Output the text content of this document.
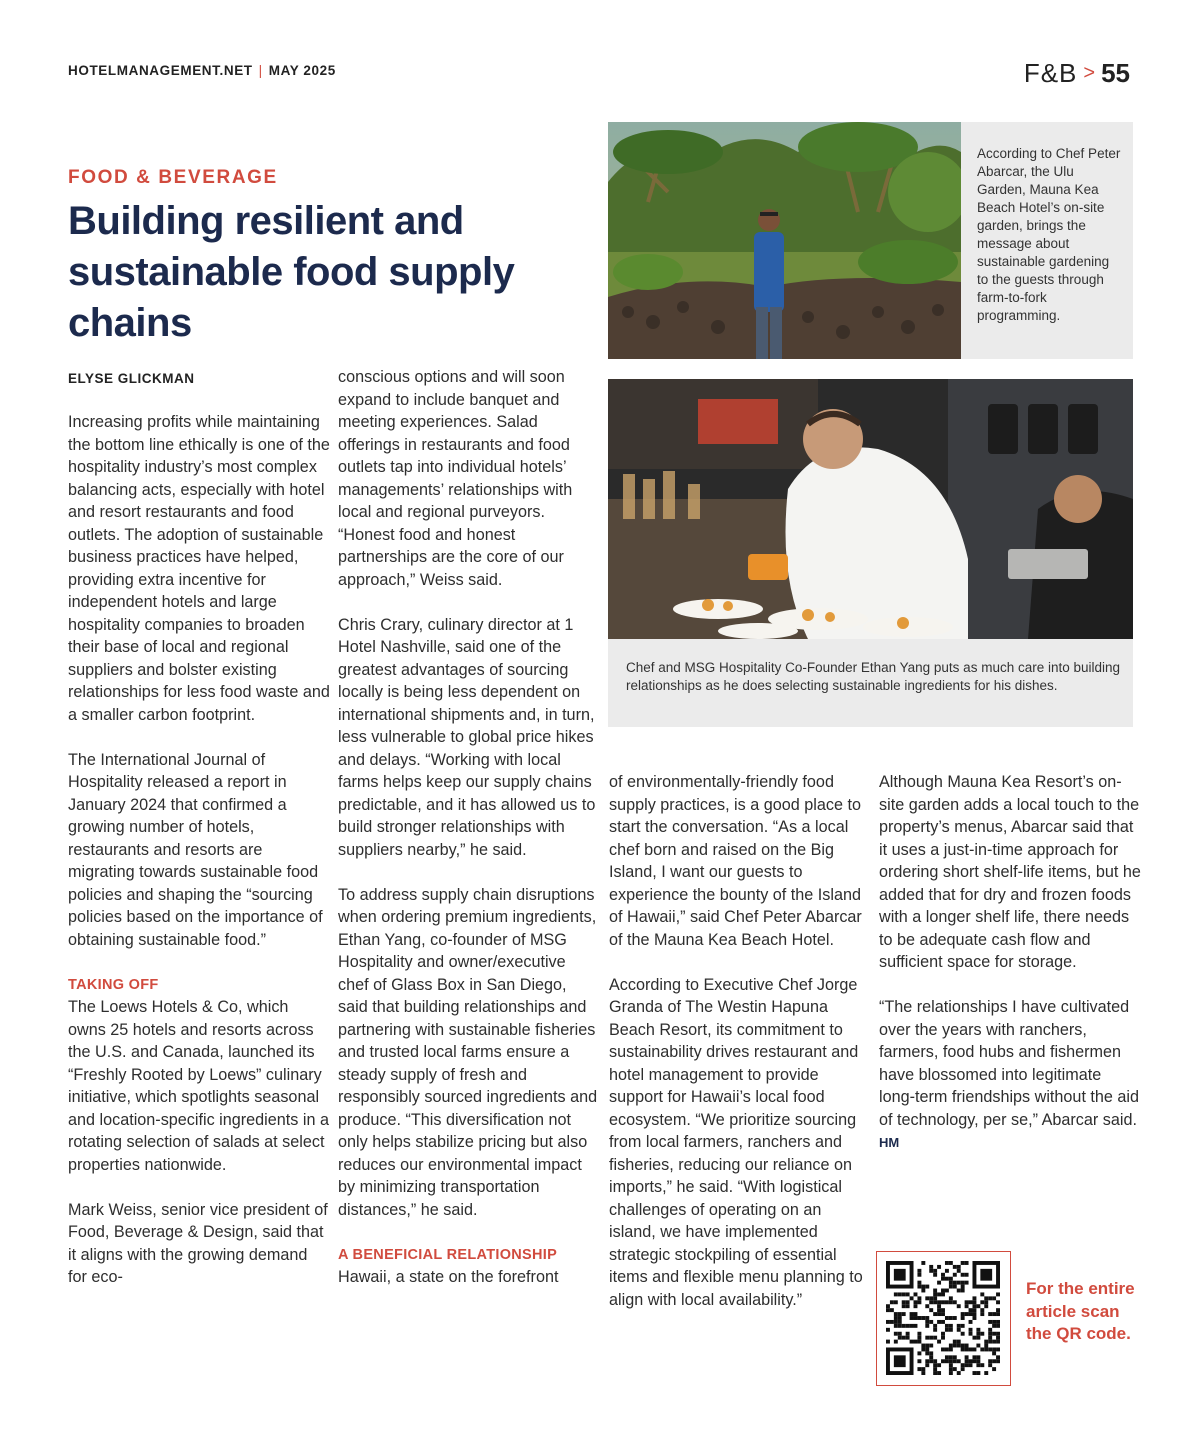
HOTELMANAGEMENT.NET | MAY 2025	F&B > 55
FOOD & BEVERAGE
Building resilient and sustainable food supply chains
ELYSE GLICKMAN

Increasing profits while maintaining the bottom line ethically is one of the hospitality industry’s most complex balancing acts, especially with hotel and resort restaurants and food outlets. The adoption of sustainable business practices have helped, providing extra incentive for independent hotels and large hospitality companies to broaden their base of local and regional suppliers and bolster existing relationships for less food waste and a smaller carbon footprint.

The International Journal of Hospitality released a report in January 2024 that confirmed a growing number of hotels, restaurants and resorts are migrating towards sustainable food policies and shaping the “sourcing policies based on the importance of obtaining sustainable food.”

TAKING OFF

The Loews Hotels & Co, which owns 25 hotels and resorts across the U.S. and Canada, launched its “Freshly Rooted by Loews” culinary initiative, which spotlights seasonal and location-specific ingredients in a rotating selection of salads at select properties nationwide.

Mark Weiss, senior vice president of Food, Beverage & Design, said that it aligns with the growing demand for eco-

conscious options and will soon expand to include banquet and meeting experiences. Salad offerings in restaurants and food outlets tap into individual hotels’ managements’ relationships with local and regional purveyors. “Honest food and honest partnerships are the core of our approach,” Weiss said.

Chris Crary, culinary director at 1 Hotel Nashville, said one of the greatest advantages of sourcing locally is being less dependent on international shipments and, in turn, less vulnerable to global price hikes and delays. “Working with local farms helps keep our supply chains predictable, and it has allowed us to build stronger relationships with suppliers nearby,” he said.

To address supply chain disruptions when ordering premium ingredients, Ethan Yang, co-founder of MSG Hospitality and owner/executive chef of Glass Box in San Diego, said that building relationships and partnering with sustainable fisheries and trusted local farms ensure a steady supply of fresh and responsibly sourced ingredients and produce. “This diversification not only helps stabilize pricing but also reduces our environmental impact by minimizing transportation distances,” he said.

A BENEFICIAL RELATIONSHIP

Hawaii, a state on the forefront

of environmentally-friendly food supply practices, is a good place to start the conversation. “As a local chef born and raised on the Big Island, I want our guests to experience the bounty of the Island of Hawaii,” said Chef Peter Abarcar of the Mauna Kea Beach Hotel.

According to Executive Chef Jorge Granda of The Westin Hapuna Beach Resort, its commitment to sustainability drives restaurant and hotel management to provide support for Hawaii’s local food ecosystem. “We prioritize sourcing from local farmers, ranchers and fisheries, reducing our reliance on imports,” he said. “With logistical challenges of operating on an island, we have implemented strategic stockpiling of essential items and flexible menu planning to align with local availability.”

Although Mauna Kea Resort’s on-site garden adds a local touch to the property’s menus, Abarcar said that it uses a just-in-time approach for ordering short shelf-life items, but he added that for dry and frozen foods with a longer shelf life, there needs to be adequate cash flow and sufficient space for storage.

“The relationships I have cultivated over the years with ranchers, farmers, food hubs and fishermen have blossomed into legitimate long-term friendships without the aid of technology, per se,” Abarcar said. HM

According to Chef Peter Abarcar, the Ulu Garden, Mauna Kea Beach Hotel’s on-site garden, brings the message about sustainable gardening to the guests through farm-to-fork programming.
Chef and MSG Hospitality Co-Founder Ethan Yang puts as much care into building relationships as he does selecting sustainable ingredients for his dishes.
For the entire article scan the QR code.
